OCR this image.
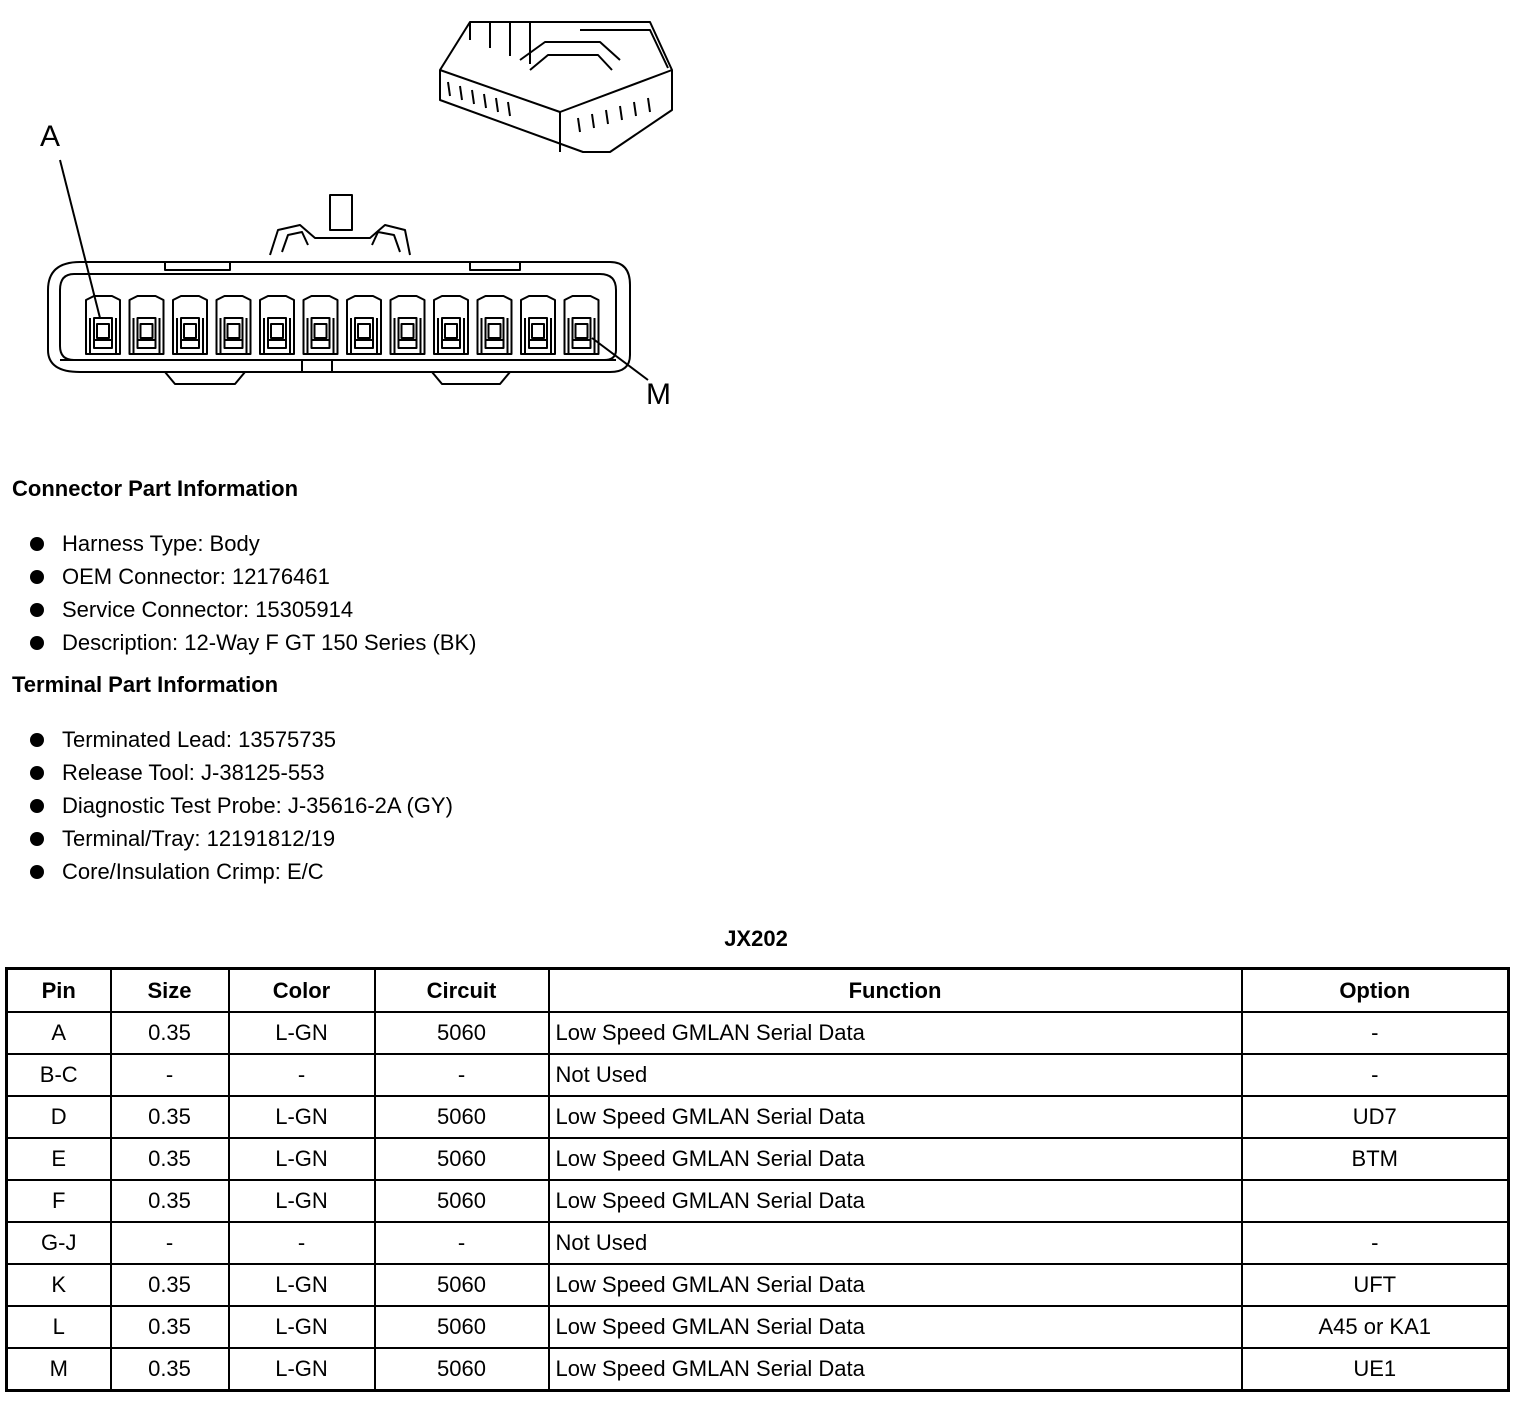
A
M

Connector Part Information

Harness Type: Body
OEM Connector: 12176461
Service Connector: 15305914
Description: 12-Way F GT 150 Series (BK)

Terminal Part Information

Terminated Lead: 13575735
Release Tool: J-38125-553
Diagnostic Test Probe: J-35616-2A (GY)
Terminal/Tray: 12191812/19
Core/Insulation Crimp: E/C

JX202

Pin	Size	Color	Circuit	Function	Option
A	0.35	L-GN	5060	Low Speed GMLAN Serial Data	-
B-C	-	-	-	Not Used	-
D	0.35	L-GN	5060	Low Speed GMLAN Serial Data	UD7
E	0.35	L-GN	5060	Low Speed GMLAN Serial Data	BTM
F	0.35	L-GN	5060	Low Speed GMLAN Serial Data	
G-J	-	-	-	Not Used	-
K	0.35	L-GN	5060	Low Speed GMLAN Serial Data	UFT
L	0.35	L-GN	5060	Low Speed GMLAN Serial Data	A45 or KA1
M	0.35	L-GN	5060	Low Speed GMLAN Serial Data	UE1
